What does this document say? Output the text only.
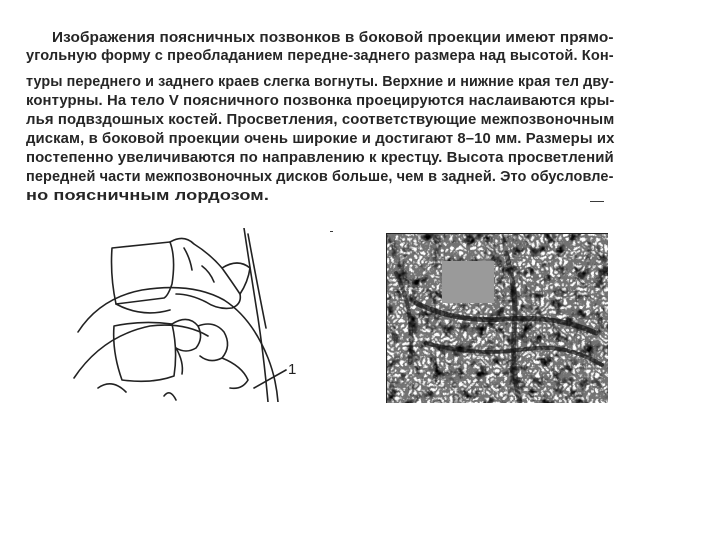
Изображения поясничных позвонков в боковой проекции имеют прямо-
угольную форму с преобладанием передне-заднего размера над высотой. Кон-
туры переднего и заднего краев слегка вогнуты. Верхние и нижние края тел дву-
контурны. На тело V поясничного позвонка проецируются наслаиваются кры-
лья подвздошных костей. Просветления, соответствующие межпозвоночным
дискам, в боковой проекции очень широкие и достигают 8–10 мм. Размеры их
постепенно увеличиваются по направлению к крестцу. Высота просветлений
передней части межпозвоночных дисков больше, чем в задней. Это обусловле-
но поясничным лордозом.
1
